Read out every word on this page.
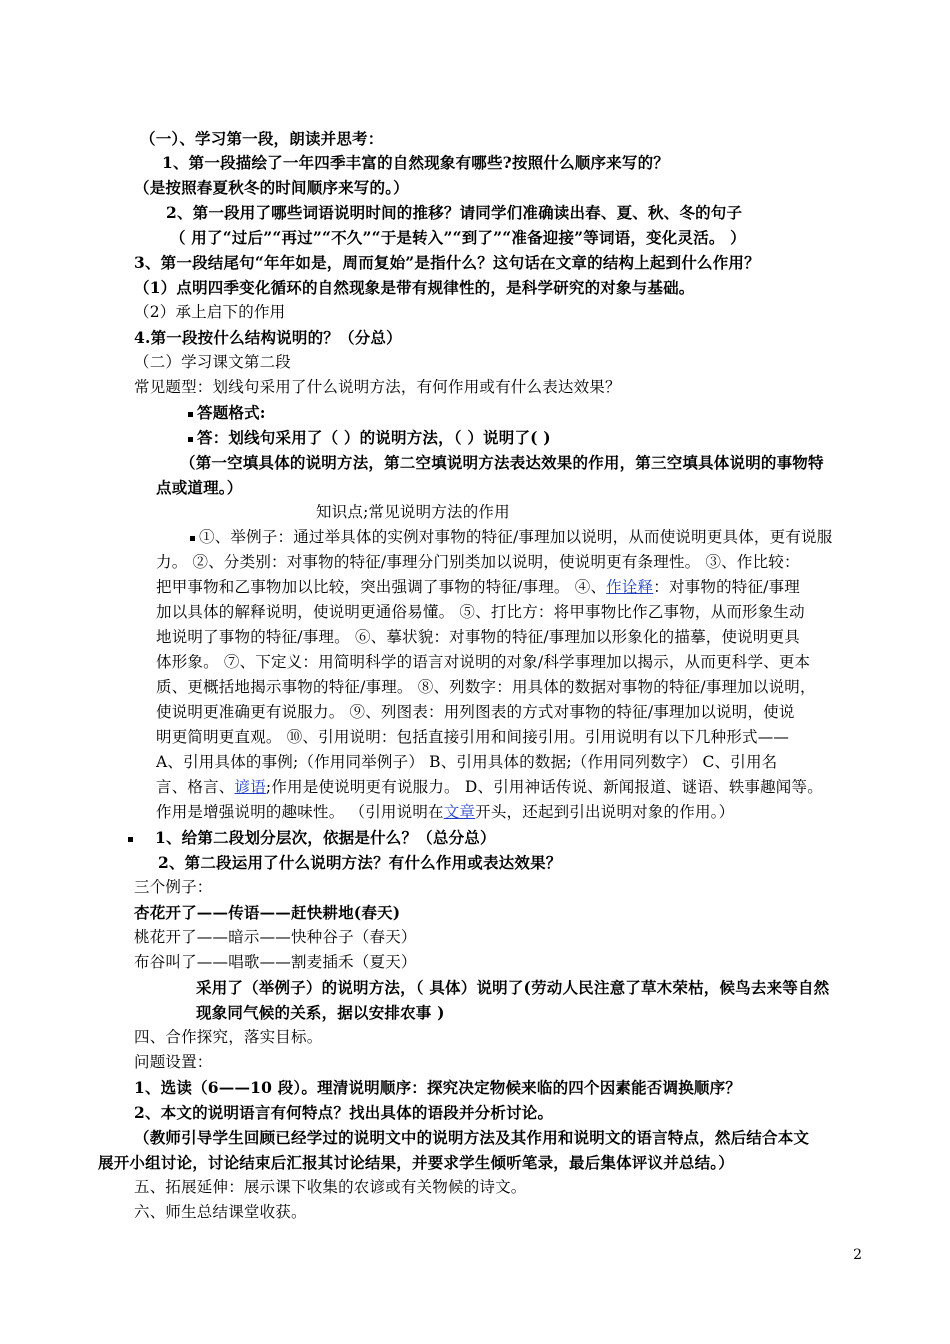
（一）、学习第一段，朗读并思考：
1、第一段描绘了一年四季丰富的自然现象有哪些?按照什么顺序来写的？
（是按照春夏秋冬的时间顺序来写的。）
2、第一段用了哪些词语说明时间的推移？请同学们准确读出春、夏、秋、冬的句子
（ 用了“过后”“再过”“不久”“于是转入”“到了”“准备迎接”等词语，变化灵活。 ）
3、第一段结尾句“年年如是，周而复始”是指什么？这句话在文章的结构上起到什么作用？
（1）点明四季变化循环的自然现象是带有规律性的，是科学研究的对象与基础。
（2）承上启下的作用
4.第一段按什么结构说明的？（分总）
（二）学习课文第二段
常见题型：划线句采用了什么说明方法，有何作用或有什么表达效果？
答题格式:
答：划线句采用了（ ）的说明方法，（ ）说明了( )
（第一空填具体的说明方法，第二空填说明方法表达效果的作用，第三空填具体说明的事物特
点或道理。）
知识点;常见说明方法的作用
①、举例子：通过举具体的实例对事物的特征/事理加以说明，从而使说明更具体，更有说服
力。 ②、分类别：对事物的特征/事理分门别类加以说明，使说明更有条理性。 ③、作比较：
把甲事物和乙事物加以比较，突出强调了事物的特征/事理。 ④、作诠释：对事物的特征/事理
加以具体的解释说明，使说明更通俗易懂。 ⑤、打比方：将甲事物比作乙事物，从而形象生动
地说明了事物的特征/事理。 ⑥、摹状貌：对事物的特征/事理加以形象化的描摹，使说明更具
体形象。 ⑦、下定义：用简明科学的语言对说明的对象/科学事理加以揭示，从而更科学、更本
质、更概括地揭示事物的特征/事理。 ⑧、列数字：用具体的数据对事物的特征/事理加以说明，
使说明更准确更有说服力。 ⑨、列图表：用列图表的方式对事物的特征/事理加以说明，使说
明更简明更直观。 ⑩、引用说明：包括直接引用和间接引用。引用说明有以下几种形式——
A、引用具体的事例;（作用同举例子） B、引用具体的数据;（作用同列数字） C、引用名
言、格言、谚语;作用是使说明更有说服力。 D、引用神话传说、新闻报道、谜语、轶事趣闻等。
作用是增强说明的趣味性。 （引用说明在文章开头，还起到引出说明对象的作用。）
1、给第二段划分层次，依据是什么？（总分总）
2、第二段运用了什么说明方法？有什么作用或表达效果？
三个例子：
杏花开了——传语——赶快耕地(春天)
桃花开了——暗示——快种谷子（春天）
布谷叫了——唱歌——割麦插禾（夏天）
采用了（举例子）的说明方法，（ 具体）说明了(劳动人民注意了草木荣枯，候鸟去来等自然
现象同气候的关系，据以安排农事 )
四、合作探究，落实目标。
问题设置：
1、选读（6——10 段）。理清说明顺序：探究决定物候来临的四个因素能否调换顺序？
2、本文的说明语言有何特点？找出具体的语段并分析讨论。
（教师引导学生回顾已经学过的说明文中的说明方法及其作用和说明文的语言特点，然后结合本文
展开小组讨论，讨论结束后汇报其讨论结果，并要求学生倾听笔录，最后集体评议并总结。）
五、拓展延伸：展示课下收集的农谚或有关物候的诗文。
六、师生总结课堂收获。
2
